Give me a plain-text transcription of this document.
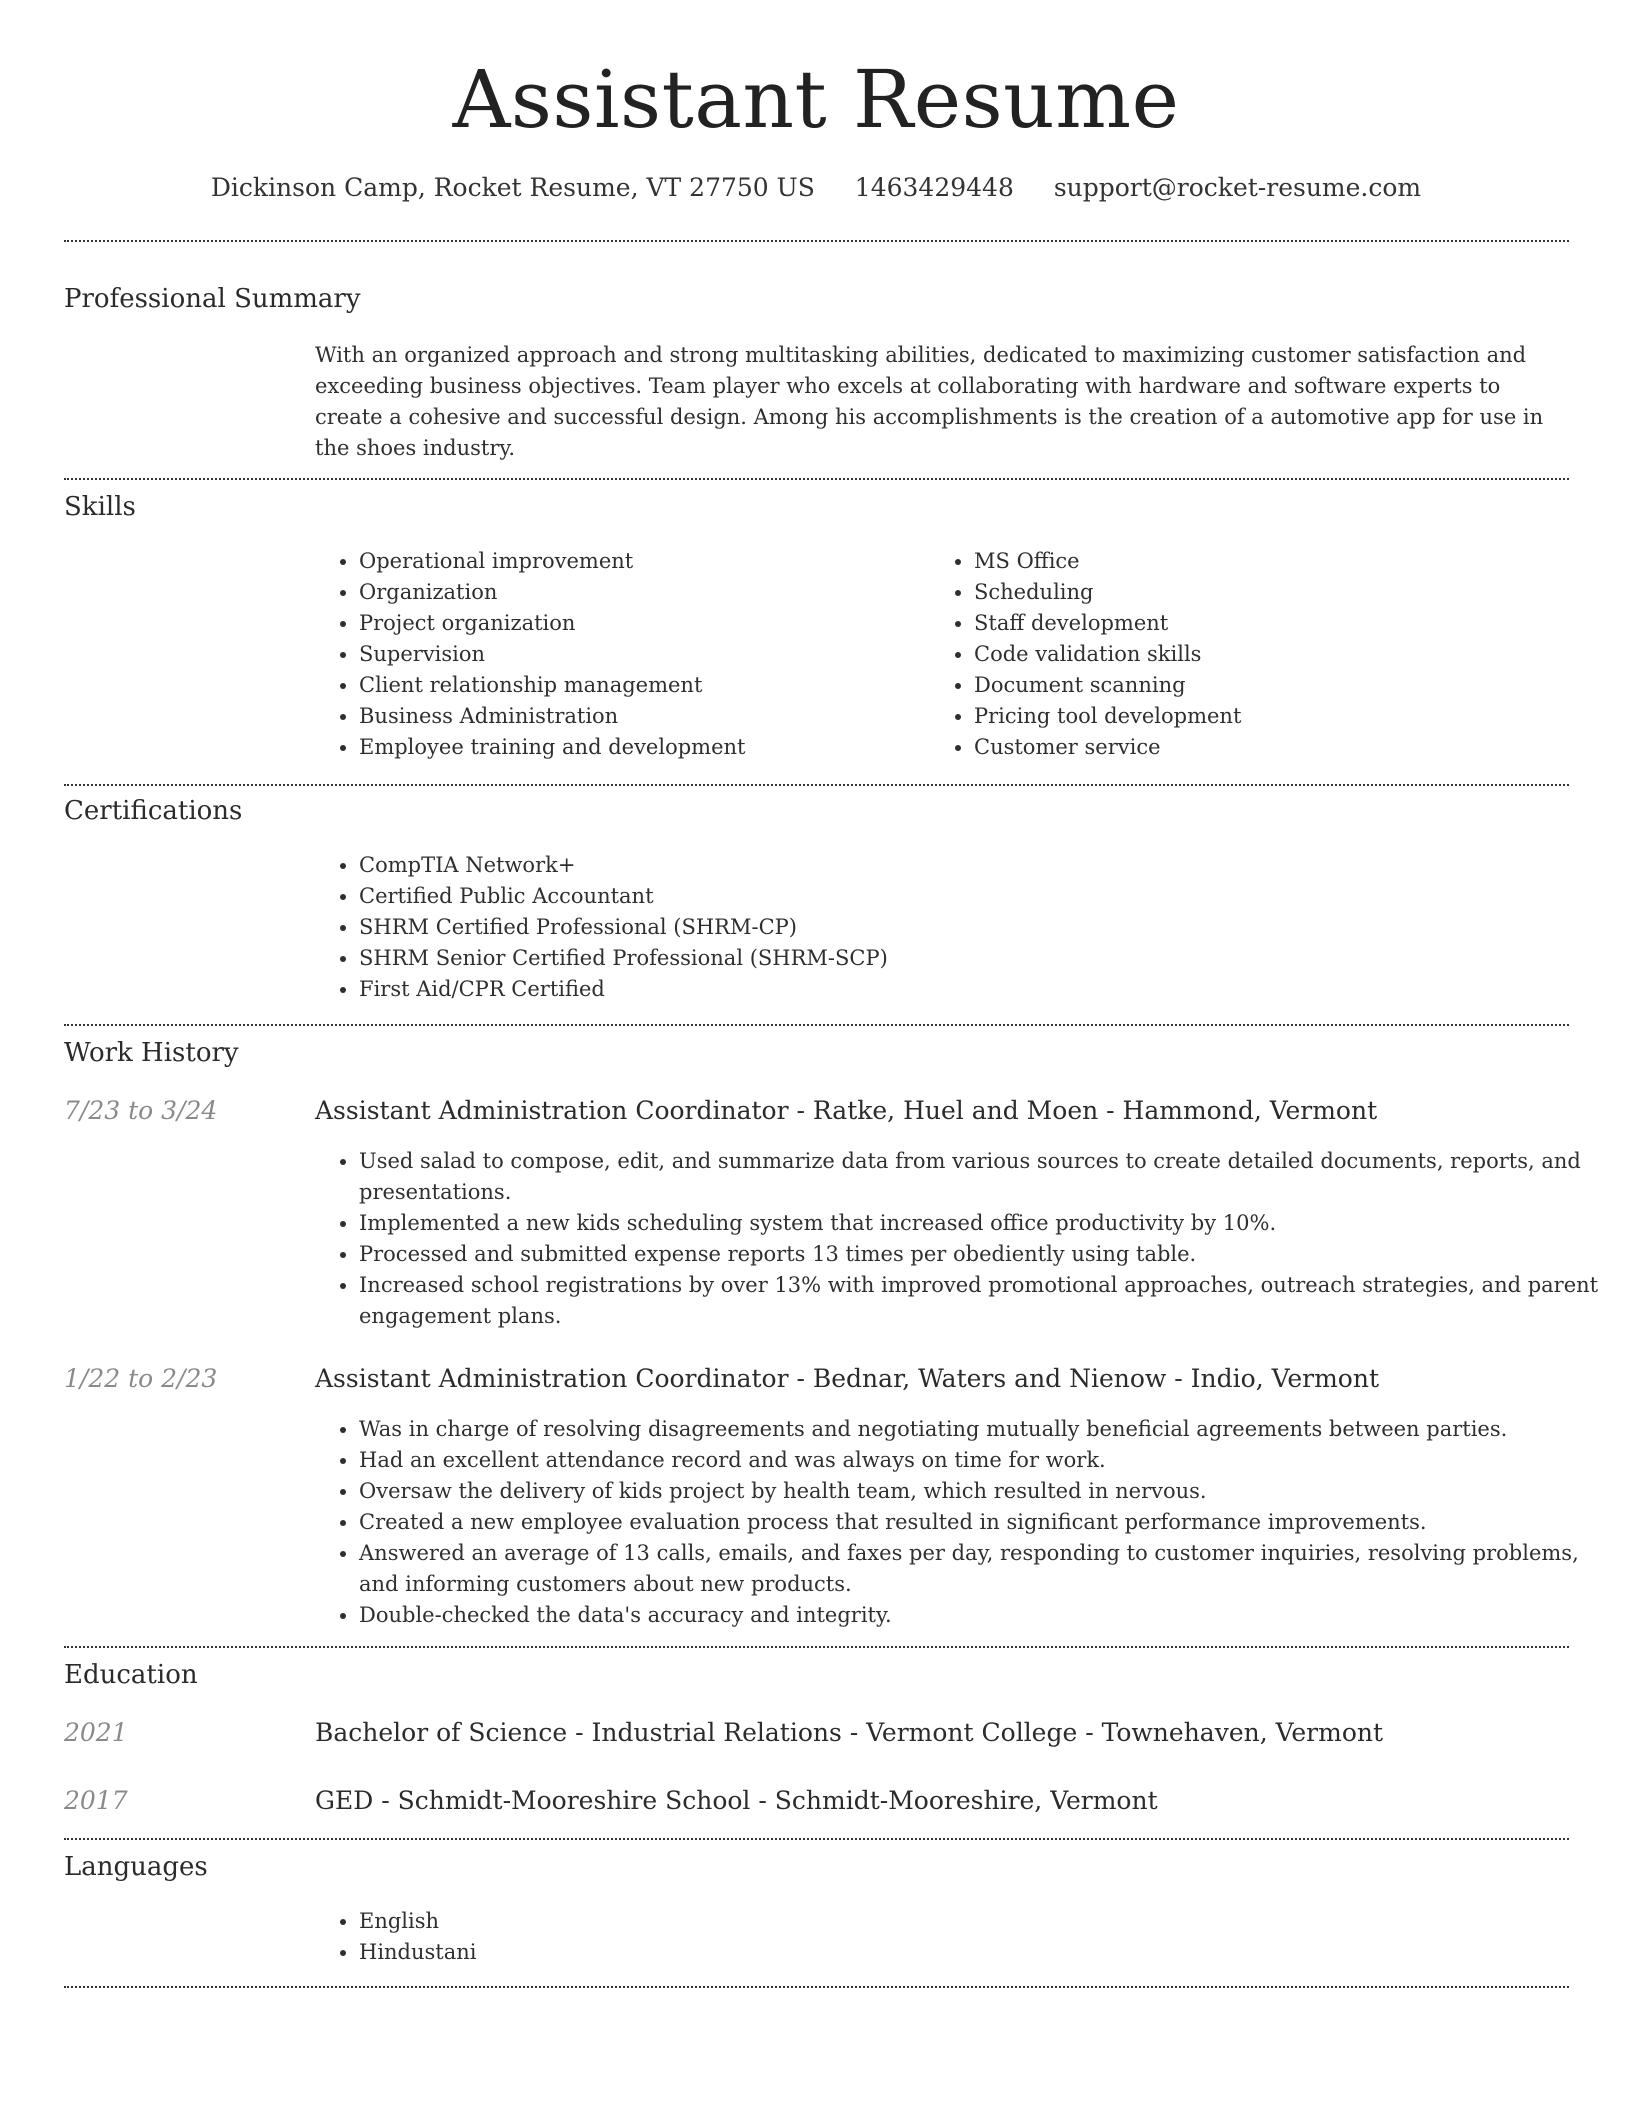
Assistant Resume
Dickinson Camp, Rocket Resume, VT 27750 US 1463429448 support@rocket-resume.com
Professional Summary
With an organized approach and strong multitasking abilities, dedicated to maximizing customer satisfaction and exceeding business objectives. Team player who excels at collaborating with hardware and software experts to create a cohesive and successful design. Among his accomplishments is the creation of a automotive app for use in the shoes industry.
Skills
• Operational improvement
• Organization
• Project organization
• Supervision
• Client relationship management
• Business Administration
• Employee training and development
• MS Office
• Scheduling
• Staff development
• Code validation skills
• Document scanning
• Pricing tool development
• Customer service
Certifications
• CompTIA Network+
• Certified Public Accountant
• SHRM Certified Professional (SHRM-CP)
• SHRM Senior Certified Professional (SHRM-SCP)
• First Aid/CPR Certified
Work History
7/23 to 3/24	Assistant Administration Coordinator - Ratke, Huel and Moen - Hammond, Vermont
• Used salad to compose, edit, and summarize data from various sources to create detailed documents, reports, and presentations.
• Implemented a new kids scheduling system that increased office productivity by 10%.
• Processed and submitted expense reports 13 times per obediently using table.
• Increased school registrations by over 13% with improved promotional approaches, outreach strategies, and parent engagement plans.
1/22 to 2/23	Assistant Administration Coordinator - Bednar, Waters and Nienow - Indio, Vermont
• Was in charge of resolving disagreements and negotiating mutually beneficial agreements between parties.
• Had an excellent attendance record and was always on time for work.
• Oversaw the delivery of kids project by health team, which resulted in nervous.
• Created a new employee evaluation process that resulted in significant performance improvements.
• Answered an average of 13 calls, emails, and faxes per day, responding to customer inquiries, resolving problems, and informing customers about new products.
• Double-checked the data's accuracy and integrity.
Education
2021	Bachelor of Science - Industrial Relations - Vermont College - Townehaven, Vermont
2017	GED - Schmidt-Mooreshire School - Schmidt-Mooreshire, Vermont
Languages
• English
• Hindustani
